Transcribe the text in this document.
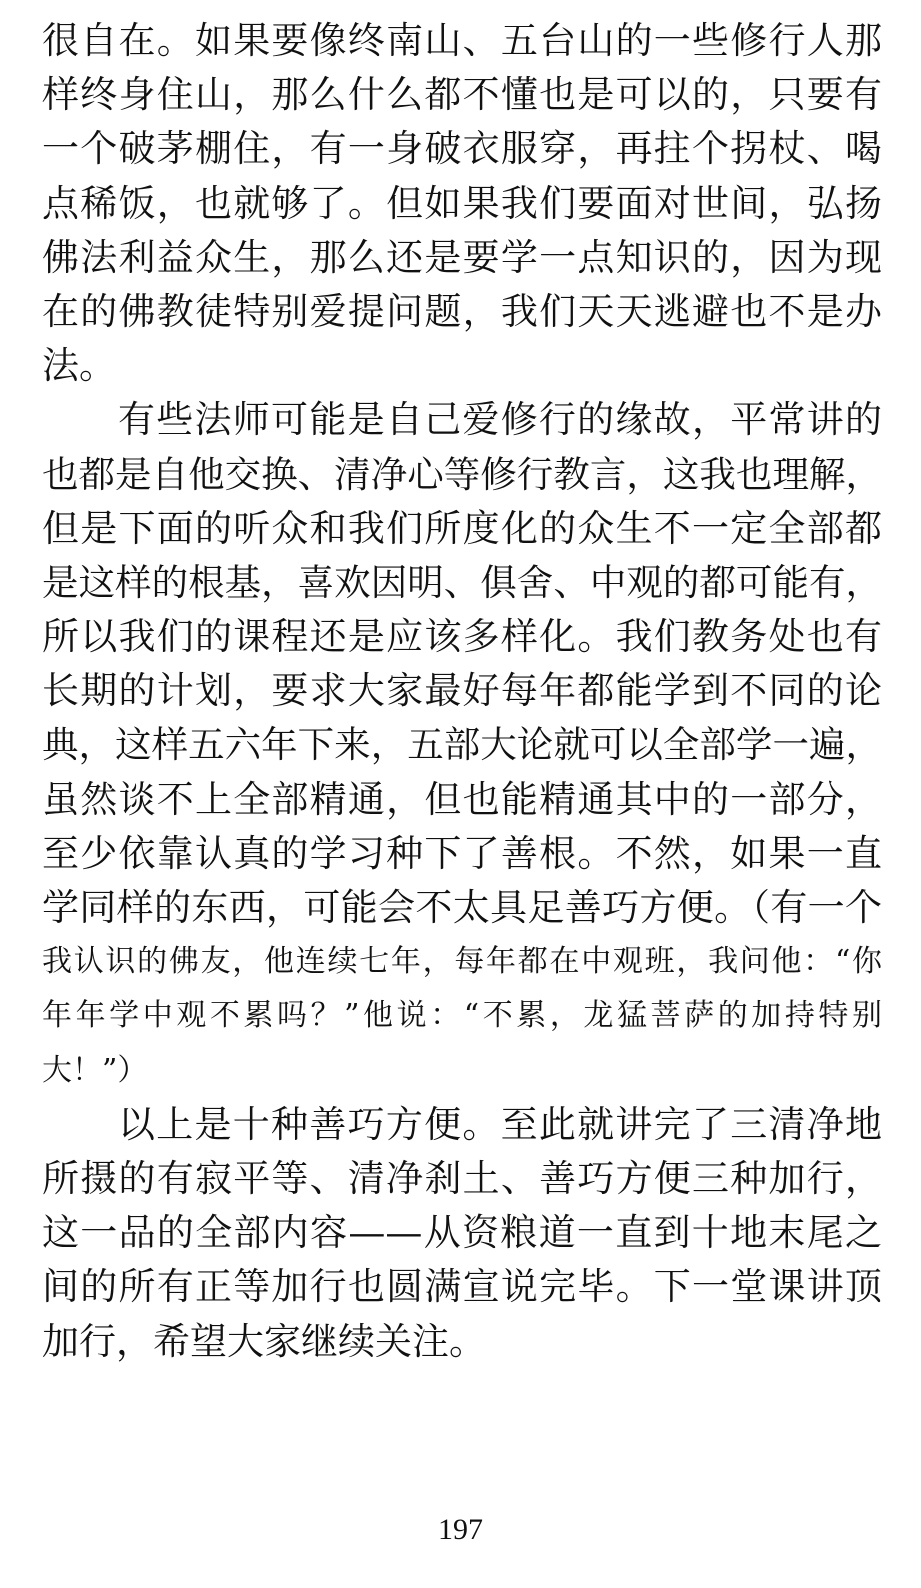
很自在。如果要像终南山、五台山的一些修行人那
样终身住山，那么什么都不懂也是可以的，只要有
一个破茅棚住，有一身破衣服穿，再拄个拐杖、喝
点稀饭，也就够了。但如果我们要面对世间，弘扬
佛法利益众生，那么还是要学一点知识的，因为现
在的佛教徒特别爱提问题，我们天天逃避也不是办
法。
有些法师可能是自己爱修行的缘故，平常讲的
也都是自他交换、清净心等修行教言，这我也理解，
但是下面的听众和我们所度化的众生不一定全部都
是这样的根基，喜欢因明、俱舍、中观的都可能有，
所以我们的课程还是应该多样化。我们教务处也有
长期的计划，要求大家最好每年都能学到不同的论
典，这样五六年下来，五部大论就可以全部学一遍，
虽然谈不上全部精通，但也能精通其中的一部分，
至少依靠认真的学习种下了善根。不然，如果一直
学同样的东西，可能会不太具足善巧方便。（有一个
我认识的佛友，他连续七年，每年都在中观班，我问他：“你
年年学中观不累吗？”他说：“不累，龙猛菩萨的加持特别
大！”）
以上是十种善巧方便。至此就讲完了三清净地
所摄的有寂平等、清净刹土、善巧方便三种加行，
这一品的全部内容——从资粮道一直到十地末尾之
间的所有正等加行也圆满宣说完毕。下一堂课讲顶
加行，希望大家继续关注。
197
